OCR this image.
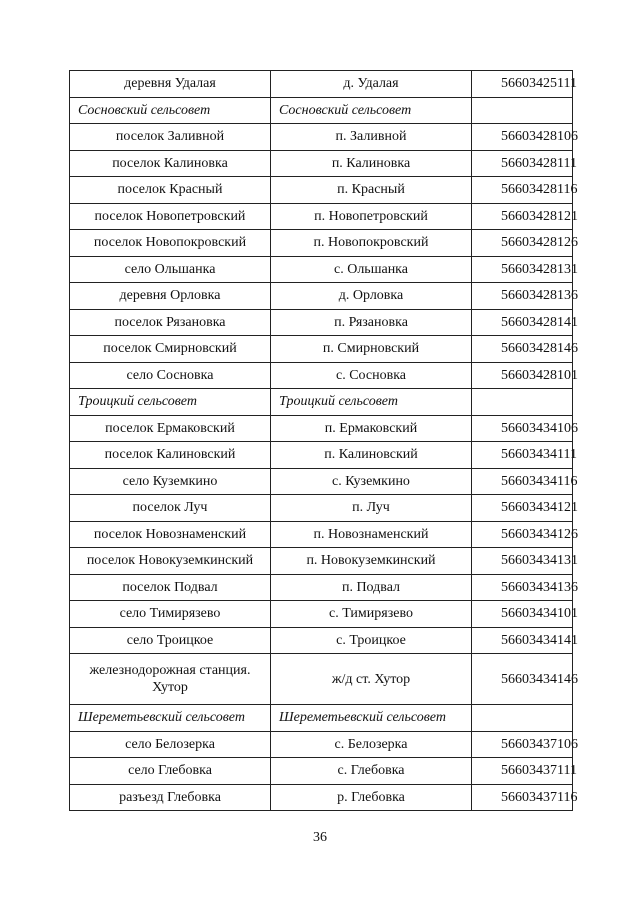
деревня Удалая	д. Удалая	56603425111
Сосновский сельсовет	Сосновский сельсовет	
поселок Заливной	п. Заливной	56603428106
поселок Калиновка	п. Калиновка	56603428111
поселок Красный	п. Красный	56603428116
поселок Новопетровский	п. Новопетровский	56603428121
поселок Новопокровский	п. Новопокровский	56603428126
село Ольшанка	с. Ольшанка	56603428131
деревня Орловка	д. Орловка	56603428136
поселок Рязановка	п. Рязановка	56603428141
поселок Смирновский	п. Смирновский	56603428146
село Сосновка	с. Сосновка	56603428101
Троицкий сельсовет	Троицкий сельсовет	
поселок Ермаковский	п. Ермаковский	56603434106
поселок Калиновский	п. Калиновский	56603434111
село Куземкино	с. Куземкино	56603434116
поселок Луч	п. Луч	56603434121
поселок Новознаменский	п. Новознаменский	56603434126
поселок Новокуземкинский	п. Новокуземкинский	56603434131
поселок Подвал	п. Подвал	56603434136
село Тимирязево	с. Тимирязево	56603434101
село Троицкое	с. Троицкое	56603434141
железнодорожная станция. Хутор	ж/д ст. Хутор	56603434146
Шереметьевский сельсовет	Шереметьевский сельсовет	
село Белозерка	с. Белозерка	56603437106
село Глебовка	с. Глебовка	56603437111
разъезд Глебовка	р. Глебовка	56603437116
36
